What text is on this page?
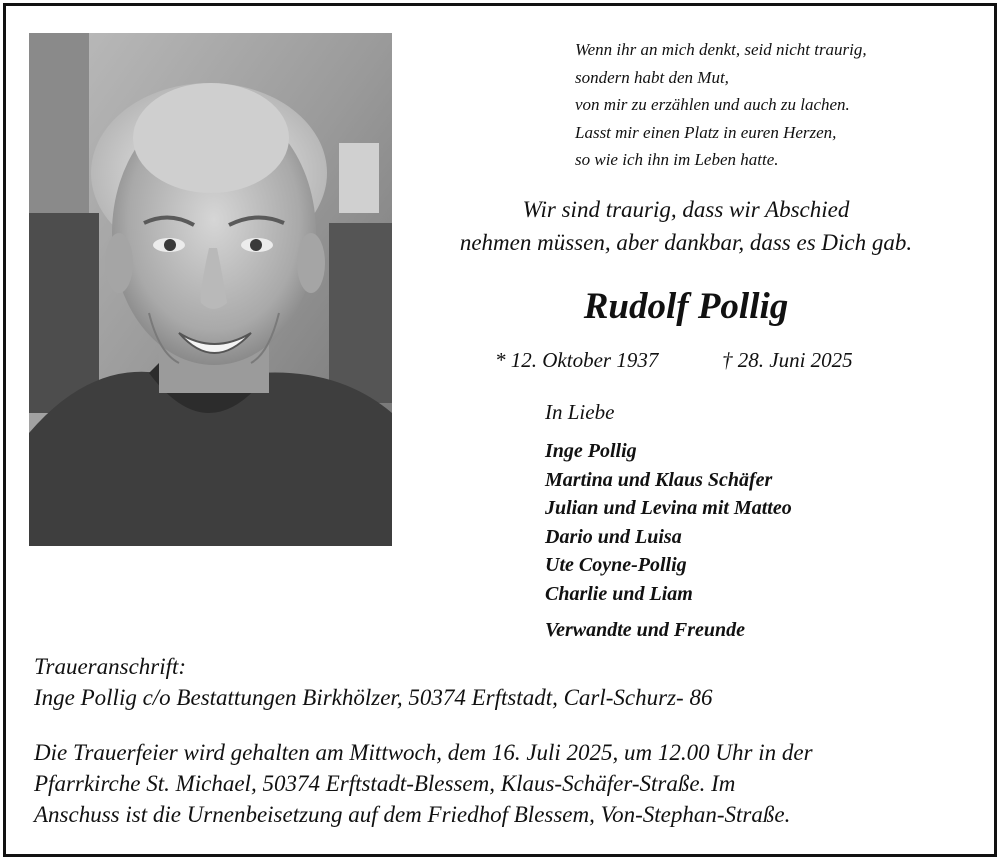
Wenn ihr an mich denkt, seid nicht traurig,
sondern habt den Mut,
von mir zu erzählen und auch zu lachen.
Lasst mir einen Platz in euren Herzen,
so wie ich ihn im Leben hatte.
Wir sind traurig, dass wir Abschied
nehmen müssen, aber dankbar, dass es Dich gab.
Rudolf Pollig
* 12. Oktober 1937	† 28. Juni 2025
In Liebe
Inge Pollig
Martina und Klaus Schäfer
Julian und Levina mit Matteo
Dario und Luisa
Ute Coyne-Pollig
Charlie und Liam
Verwandte und Freunde
Traueranschrift:
Inge Pollig c/o Bestattungen Birkhölzer, 50374 Erftstadt, Carl-Schurz- 86
Die Trauerfeier wird gehalten am Mittwoch, dem 16. Juli 2025, um 12.00 Uhr in der
Pfarrkirche St. Michael, 50374 Erftstadt-Blessem, Klaus-Schäfer-Straße. Im
Anschuss ist die Urnenbeisetzung auf dem Friedhof Blessem, Von-Stephan-Straße.
